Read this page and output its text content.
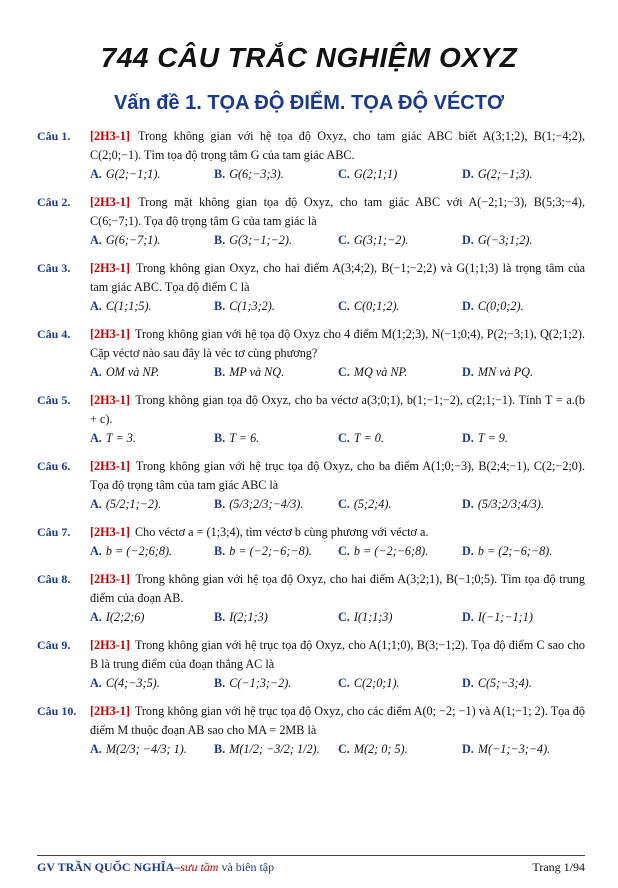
744 CÂU TRẮC NGHIỆM OXYZ
Vấn đề 1. TỌA ĐỘ ĐIỂM. TỌA ĐỘ VÉCTƠ
Câu 1.	[2H3-1] Trong không gian với hệ tọa độ Oxyz, cho tam giác ABC biết A(3;1;2), B(1;−4;2), C(2;0;−1). Tìm tọa độ trọng tâm G của tam giác ABC.
A. G(2;−1;1).	B. G(6;−3;3).	C. G(2;1;1)	D. G(2;−1;3).
Câu 2.	[2H3-1] Trong mặt không gian tọa độ Oxyz, cho tam giác ABC với A(−2;1;−3), B(5;3;−4), C(6;−7;1). Tọa độ trọng tâm G của tam giác là
A. G(6;−7;1).	B. G(3;−1;−2).	C. G(3;1;−2).	D. G(−3;1;2).
Câu 3.	[2H3-1] Trong không gian Oxyz, cho hai điểm A(3;4;2), B(−1;−2;2) và G(1;1;3) là trọng tâm của tam giác ABC. Tọa độ điểm C là
A. C(1;1;5).	B. C(1;3;2).	C. C(0;1;2).	D. C(0;0;2).
Câu 4.	[2H3-1] Trong không gian với hệ tọa độ Oxyz cho 4 điểm M(1;2;3), N(−1;0;4), P(2;−3;1), Q(2;1;2). Cặp véctơ nào sau đây là véc tơ cùng phương?
A. OM và NP.	B. MP và NQ.	C. MQ và NP.	D. MN và PQ.
Câu 5.	[2H3-1] Trong không gian tọa độ Oxyz, cho ba véctơ a(3;0;1), b(1;−1;−2), c(2;1;−1). Tính T = a.(b + c).
A. T = 3.	B. T = 6.	C. T = 0.	D. T = 9.
Câu 6.	[2H3-1] Trong không gian với hệ trục tọa độ Oxyz, cho ba điểm A(1;0;−3), B(2;4;−1), C(2;−2;0). Tọa độ trọng tâm của tam giác ABC là
A. (5/2;1;−2).	B. (5/3;2/3;−4/3).	C. (5;2;4).	D. (5/3;2/3;4/3).
Câu 7.	[2H3-1] Cho véctơ a = (1;3;4), tìm véctơ b cùng phương với véctơ a.
A. b = (−2;6;8).	B. b = (−2;−6;−8).	C. b = (−2;−6;8).	D. b = (2;−6;−8).
Câu 8.	[2H3-1] Trong không gian với hệ tọa độ Oxyz, cho hai điểm A(3;2;1), B(−1;0;5). Tìm tọa độ trung điểm của đoạn AB.
A. I(2;2;6)	B. I(2;1;3)	C. I(1;1;3)	D. I(−1;−1;1)
Câu 9.	[2H3-1] Trong không gian với hệ trục tọa độ Oxyz, cho A(1;1;0), B(3;−1;2). Tọa độ điểm C sao cho B là trung điểm của đoạn thẳng AC là
A. C(4;−3;5).	B. C(−1;3;−2).	C. C(2;0;1).	D. C(5;−3;4).
Câu 10.	[2H3-1] Trong không gian với hệ trục tọa độ Oxyz, cho các điểm A(0; −2; −1) và A(1;−1; 2). Tọa độ điểm M thuộc đoạn AB sao cho MA = 2MB là
A. M(2/3; −4/3; 1).	B. M(1/2; −3/2; 1/2).	C. M(2; 0; 5).	D. M(−1;−3;−4).
GV TRẦN QUỐC NGHĨA–sưu tầm và biên tập	Trang 1/94
